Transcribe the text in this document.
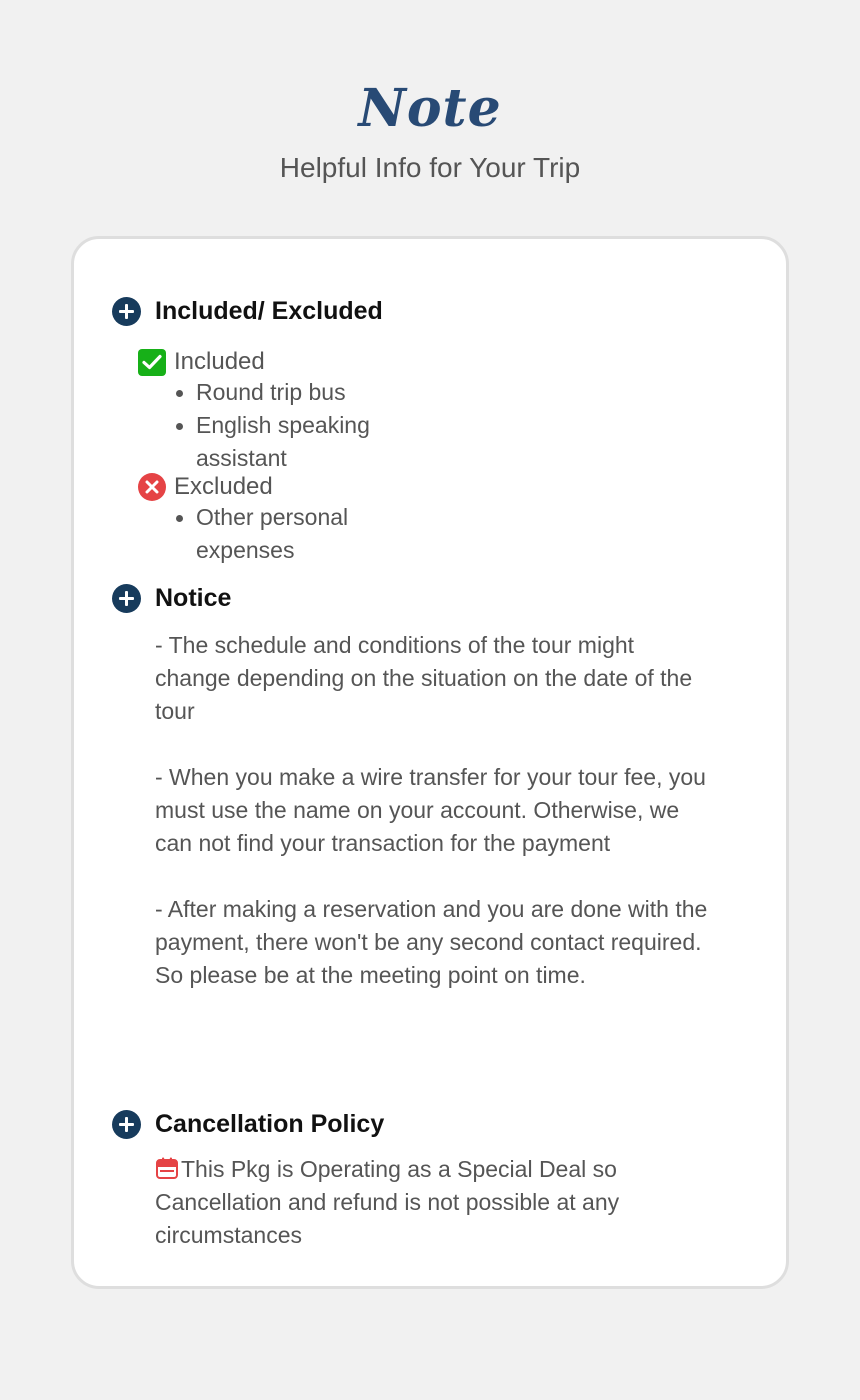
Note
Helpful Info for Your Trip
Included/ Excluded
Included
Round trip bus
English speaking assistant
Excluded
Other personal expenses
Notice

- The schedule and conditions of the tour might change depending on the situation on the date of the tour

- When you make a wire transfer for your tour fee, you must use the name on your account. Otherwise, we can not find your transaction for the payment

- After making a reservation and you are done with the payment, there won't be any second contact required. So please be at the meeting point on time.

Cancellation Policy

This Pkg is Operating as a Special Deal so Cancellation and refund is not possible at any circumstances
